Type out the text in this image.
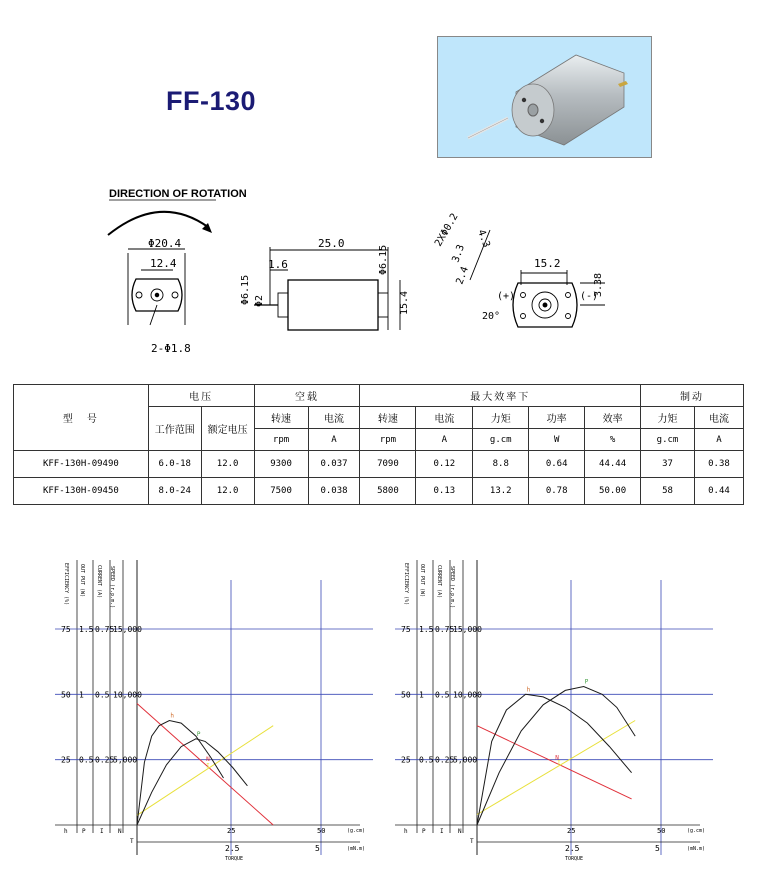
FF-130
DIRECTION OF ROTATION
Φ20.4
12.4
2-Φ1.8
25.0
1.6
Φ6.15 Φ2
Φ6.15
15.4
2XΦ0.2 4.3
3.3
2.4
15.2
3.38
(+)	(-)
20°
型　号	电压		空载		最大效率下					制动	
	工作范围	额定电压	转速	电流	转速	电流	力矩	功率	效率	力矩	电流
			rpm	A	rpm	A	g.cm	W	%	g.cm	A
KFF-130H-09490	6.0-18	12.0	9300	0.037	7090	0.12	8.8	0.64	44.44	37	0.38
KFF-130H-09450	8.0-24	12.0	7500	0.038	5800	0.13	13.2	0.78	50.00	58	0.44
EFFICIENCY (%) OUT PUT (W) CURRENT (A) SPEED (r.p.m.)
75 1.5 0.75
15,000
50 1 0.5 10,000
25 0.5 0.25
5,000
25
2.5
50
5
(g.cm)
(mN.m)
TORQUE
h P I N
T
N
I
h
P
EFFICIENCY (%) OUT PUT (W) CURRENT (A) SPEED (r.p.m.)
75 1.5 0.75
15,000
50 1 0.5 10,000
25 0.5 0.25
5,000
25
2.5
50
5
(g.cm)
(mN.m)
TORQUE
h P I N
T
N
I
h
P
